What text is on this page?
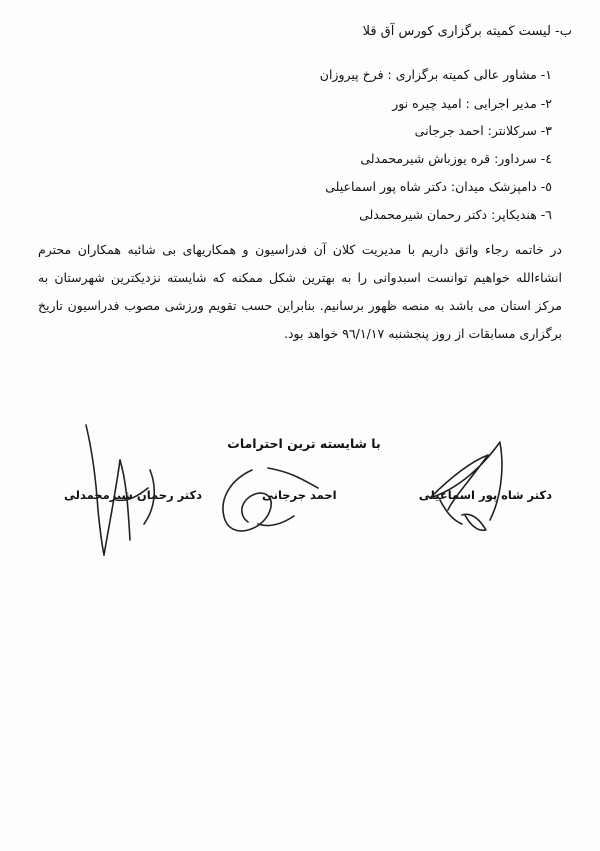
ب- لیست کمیته برگزاری کورس آق قلا
۱- مشاور عالی کمیته برگزاری : فرخ پیروزان
۲- مدیر اجرایی : امید چیره نور
۳- سرکلانتر: احمد جرجانی
٤- سرداور: قره یوزباش شیرمحمدلی
٥- دامپزشک میدان: دکتر شاه پور اسماعیلی
٦- هندیکاپر: دکتر رحمان شیرمحمدلی
در خاتمه رجاء واثق داریم با مدیریت کلان آن فدراسیون و همکاریهای بی شائبه همکاران محترم انشاءالله خواهیم توانست اسبدوانی را به بهترین شکل ممکنه که شایسته نزدیکترین شهرستان به مرکز استان می باشد به منصه ظهور برسانیم. بنابراین حسب تقویم ورزشی مصوب فدراسیون تاریخ برگزاری مسابقات از روز پنجشنبه ۹٦/۱/۱۷ خواهد بود.
با شایسته ترین احترامات
دکتر شاه پور اسماعیلی
احمد جرجانی
دکتر رحمان شیرمحمدلی
